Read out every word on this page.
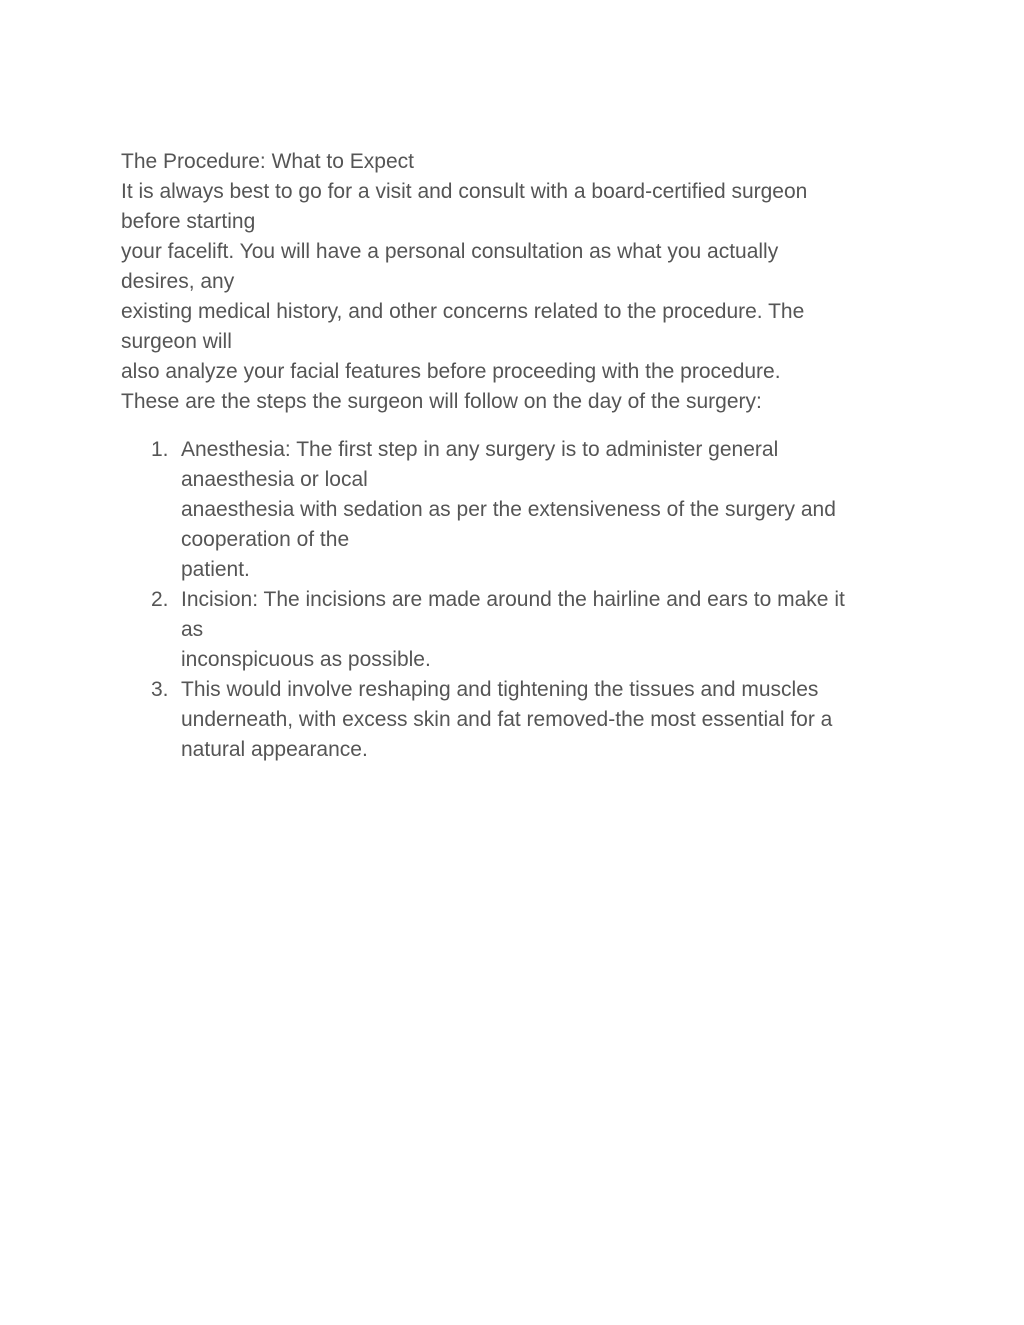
The Procedure: What to Expect
It is always best to go for a visit and consult with a board-certified surgeon
before starting
your facelift. You will have a personal consultation as what you actually
desires, any
existing medical history, and other concerns related to the procedure. The
surgeon will
also analyze your facial features before proceeding with the procedure.
These are the steps the surgeon will follow on the day of the surgery:
1. Anesthesia: The first step in any surgery is to administer general
anaesthesia or local
anaesthesia with sedation as per the extensiveness of the surgery and
cooperation of the
patient.
2. Incision: The incisions are made around the hairline and ears to make it
as
inconspicuous as possible.
3. This would involve reshaping and tightening the tissues and muscles
underneath, with excess skin and fat removed-the most essential for a
natural appearance.
